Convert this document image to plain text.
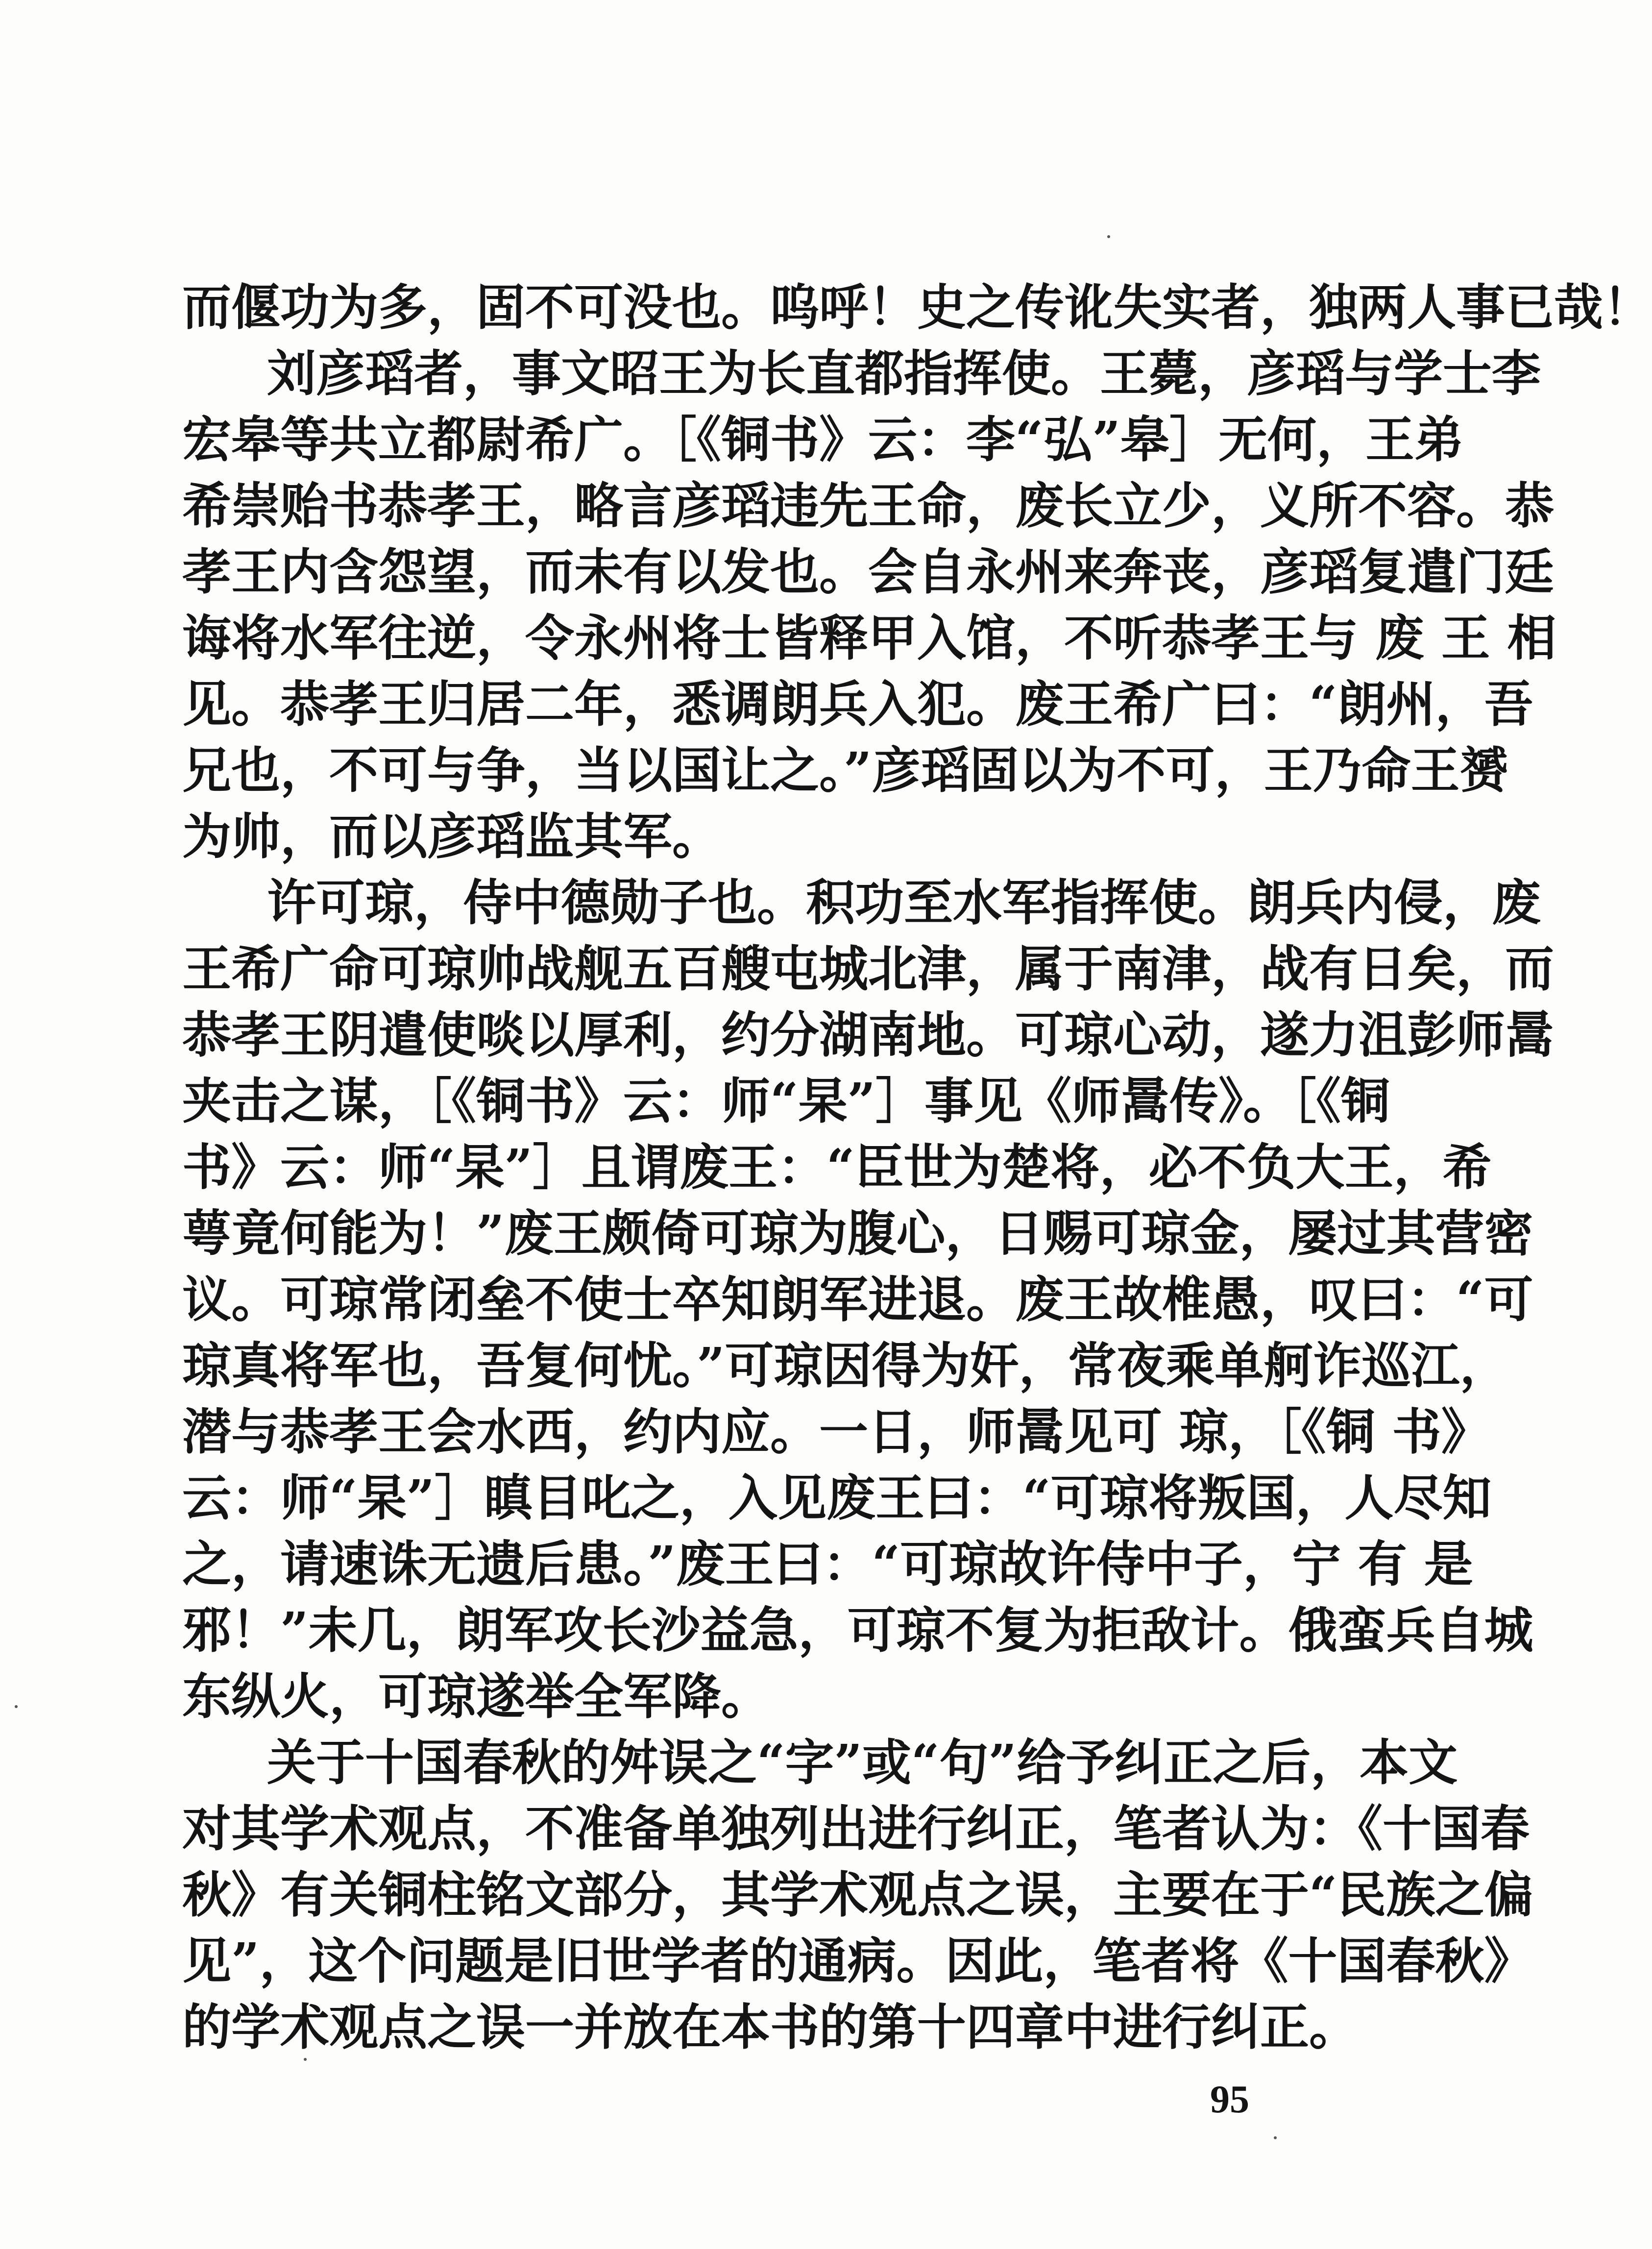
而偃功为多，固不可没也。呜呼！史之传讹失实者，独两人事已哉！
刘彦瑫者，事文昭王为长直都指挥使。王薨，彦瑫与学士李
宏皋等共立都尉希广。［《铜书》云：李“弘”皋］无何，王弟
希崇贻书恭孝王，略言彦瑫违先王命，废长立少，义所不容。恭
孝王内含怨望，而未有以发也。会自永州来奔丧，彦瑫复遣门廷
诲将水军往逆，令永州将士皆释甲入馆，不听恭孝王与 废 王 相
见。恭孝王归居二年，悉调朗兵入犯。废王希广曰：“朗州，吾
兄也，不可与争，当以国让之。”彦瑫固以为不可，王乃命王赟
为帅，而以彦瑫监其军。
许可琼，侍中德勋子也。积功至水军指挥使。朗兵内侵，废
王希广命可琼帅战舰五百艘屯城北津，属于南津，战有日矣，而
恭孝王阴遣使啖以厚利，约分湖南地。可琼心动，遂力沮彭师暠
夹击之谋，［《铜书》云：师“杲”］事见《师暠传》。［《铜
书》云：师“杲”］且谓废王：“臣世为楚将，必不负大王，希
萼竟何能为！”废王颇倚可琼为腹心，日赐可琼金，屡过其营密
议。可琼常闭垒不使士卒知朗军进退。废王故椎愚，叹曰：“可
琼真将军也，吾复何忧。”可琼因得为奸，常夜乘单舸诈巡江，
潜与恭孝王会水西，约内应。一日，师暠见可 琼，［《铜 书》
云：师“杲”］瞋目叱之，入见废王曰：“可琼将叛国，人尽知
之，请速诛无遗后患。”废王曰：“可琼故许侍中子，宁 有 是
邪！”未几，朗军攻长沙益急，可琼不复为拒敌计。俄蛮兵自城
东纵火，可琼遂举全军降。
关于十国春秋的舛误之“字”或“句”给予纠正之后，本文
对其学术观点，不准备单独列出进行纠正，笔者认为：《十国春
秋》有关铜柱铭文部分，其学术观点之误，主要在于“民族之偏
见”，这个问题是旧世学者的通病。因此，笔者将《十国春秋》
的学术观点之误一并放在本书的第十四章中进行纠正。
95
